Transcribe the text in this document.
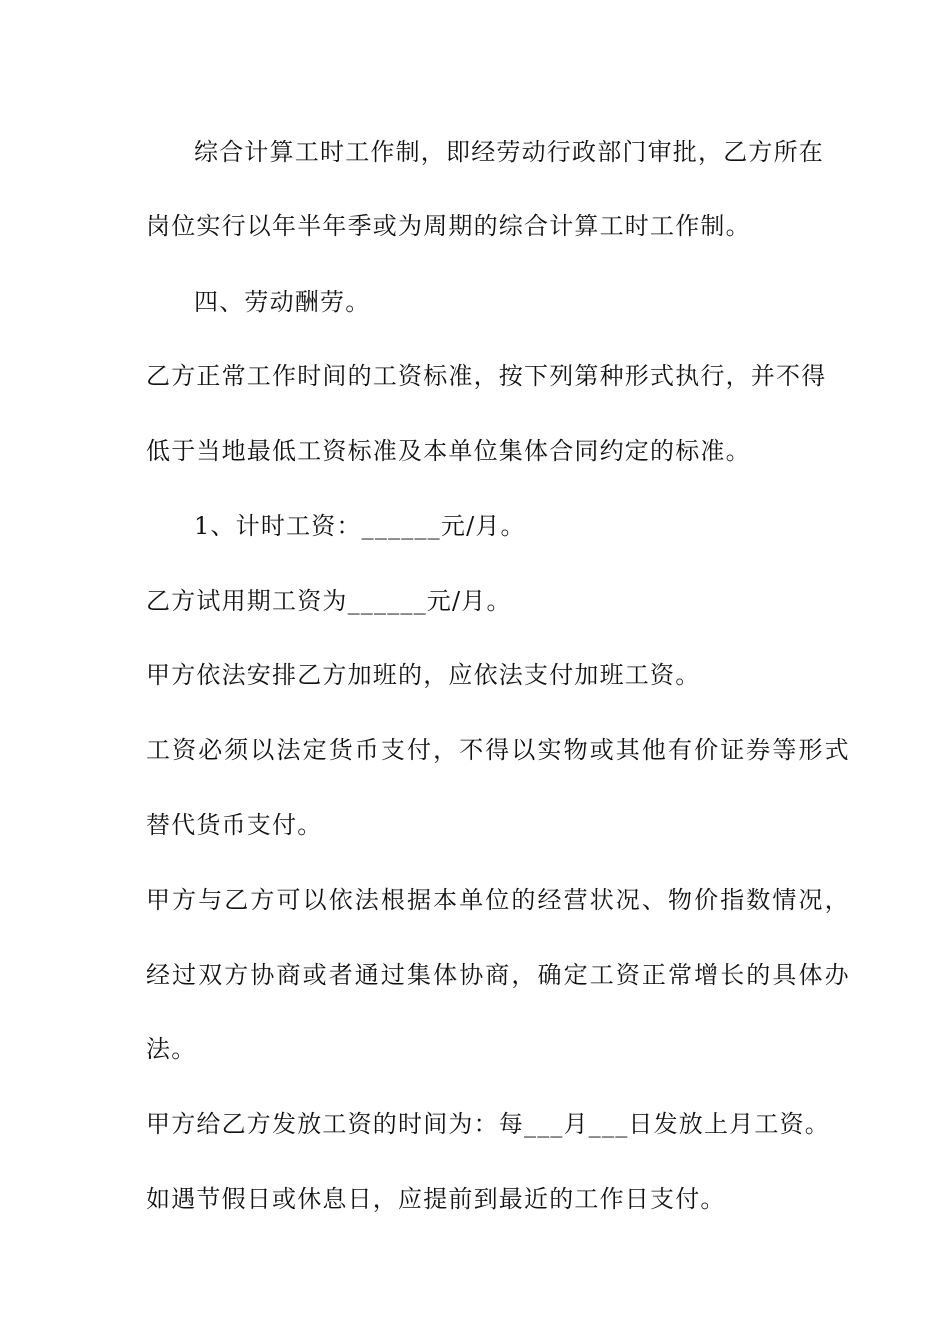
综合计算工时工作制，即经劳动行政部门审批，乙方所在
岗位实行以年半年季或为周期的综合计算工时工作制。
四、劳动酬劳。
乙方正常工作时间的工资标准，按下列第种形式执行，并不得
低于当地最低工资标准及本单位集体合同约定的标准。
1、计时工资：______元/月。
乙方试用期工资为______元/月。
甲方依法安排乙方加班的，应依法支付加班工资。
工资必须以法定货币支付，不得以实物或其他有价证券等形式
替代货币支付。
甲方与乙方可以依法根据本单位的经营状况、物价指数情况，
经过双方协商或者通过集体协商，确定工资正常增长的具体办
法。
甲方给乙方发放工资的时间为：每___月___日发放上月工资。
如遇节假日或休息日，应提前到最近的工作日支付。
